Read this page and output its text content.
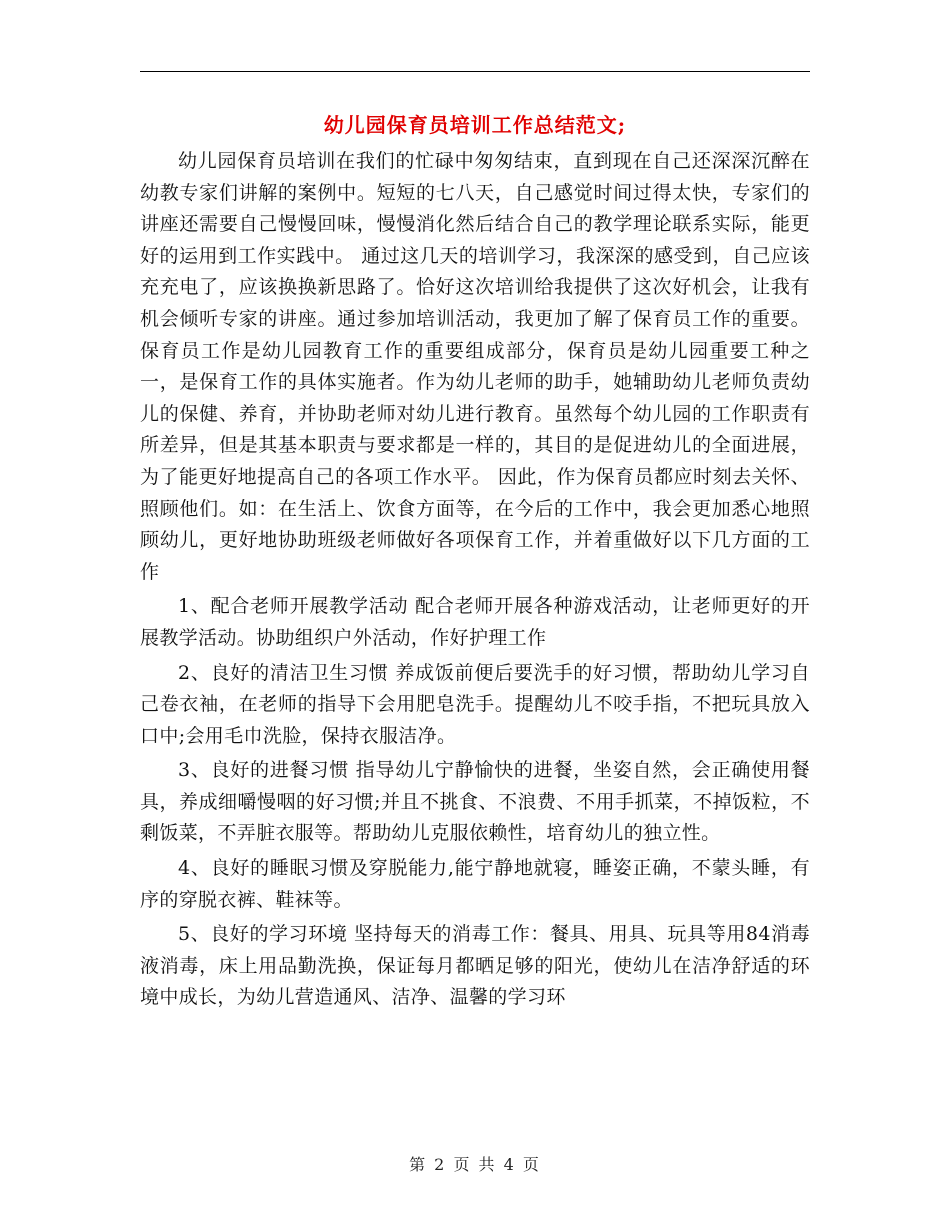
幼儿园保育员培训工作总结范文;

幼儿园保育员培训在我们的忙碌中匆匆结束，直到现在自己还深深沉醉在幼教专家们讲解的案例中。短短的七八天，自己感觉时间过得太快，专家们的讲座还需要自己慢慢回味，慢慢消化然后结合自己的教学理论联系实际，能更好的运用到工作实践中。 通过这几天的培训学习，我深深的感受到，自己应该充充电了，应该换换新思路了。恰好这次培训给我提供了这次好机会，让我有机会倾听专家的讲座。通过参加培训活动，我更加了解了保育员工作的重要。保育员工作是幼儿园教育工作的重要组成部分，保育员是幼儿园重要工种之一，是保育工作的具体实施者。作为幼儿老师的助手，她辅助幼儿老师负责幼儿的保健、养育，并协助老师对幼儿进行教育。虽然每个幼儿园的工作职责有所差异，但是其基本职责与要求都是一样的，其目的是促进幼儿的全面进展，为了能更好地提高自己的各项工作水平。 因此，作为保育员都应时刻去关怀、照顾他们。如：在生活上、饮食方面等，在今后的工作中，我会更加悉心地照顾幼儿，更好地协助班级老师做好各项保育工作，并着重做好以下几方面的工作

1、配合老师开展教学活动 配合老师开展各种游戏活动，让老师更好的开展教学活动。协助组织户外活动，作好护理工作

2、良好的清洁卫生习惯 养成饭前便后要洗手的好习惯，帮助幼儿学习自己卷衣袖，在老师的指导下会用肥皂洗手。提醒幼儿不咬手指，不把玩具放入口中;会用毛巾洗脸，保持衣服洁净。

3、良好的进餐习惯 指导幼儿宁静愉快的进餐，坐姿自然，会正确使用餐具，养成细嚼慢咽的好习惯;并且不挑食、不浪费、不用手抓菜，不掉饭粒，不剩饭菜，不弄脏衣服等。帮助幼儿克服依赖性，培育幼儿的独立性。

4、良好的睡眠习惯及穿脱能力,能宁静地就寝，睡姿正确，不蒙头睡，有序的穿脱衣裤、鞋袜等。

5、良好的学习环境 坚持每天的消毒工作：餐具、用具、玩具等用84消毒液消毒，床上用品勤洗换，保证每月都晒足够的阳光，使幼儿在洁净舒适的环境中成长，为幼儿营造通风、洁净、温馨的学习环

第 2 页 共 4 页
